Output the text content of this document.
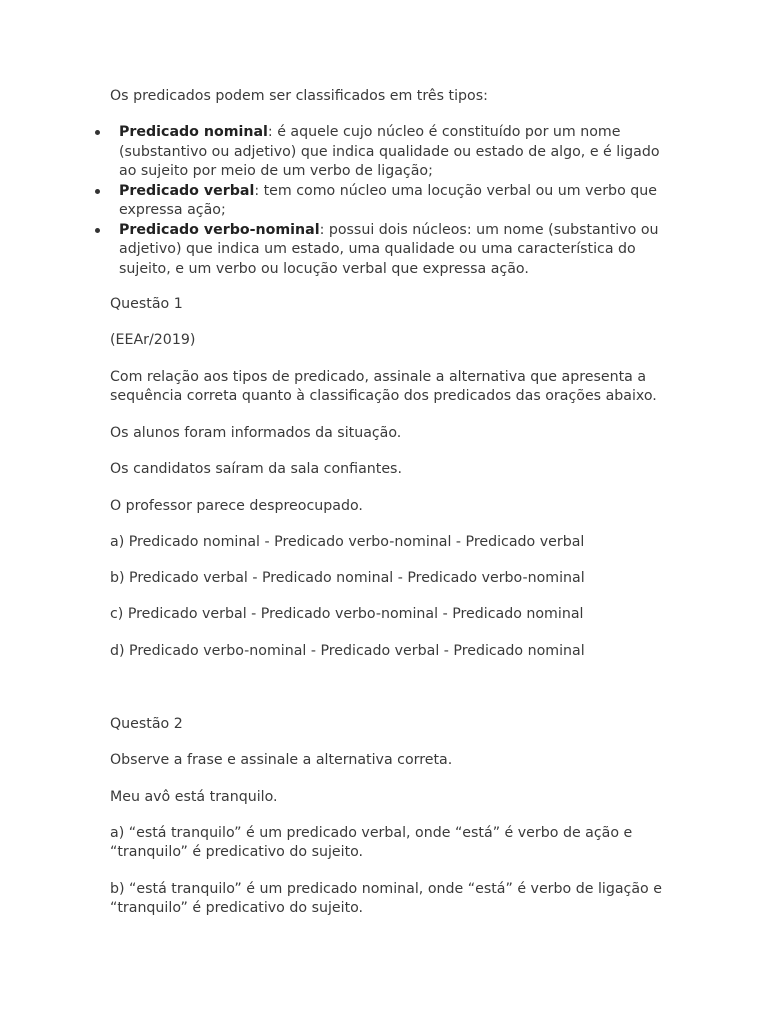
Os predicados podem ser classificados em três tipos:

Predicado nominal: é aquele cujo núcleo é constituído por um nome (substantivo ou adjetivo) que indica qualidade ou estado de algo, e é ligado ao sujeito por meio de um verbo de ligação;
Predicado verbal: tem como núcleo uma locução verbal ou um verbo que expressa ação;
Predicado verbo-nominal: possui dois núcleos: um nome (substantivo ou adjetivo) que indica um estado, uma qualidade ou uma característica do sujeito, e um verbo ou locução verbal que expressa ação.

Questão 1

(EEAr/2019)

Com relação aos tipos de predicado, assinale a alternativa que apresenta a

sequência correta quanto à classificação dos predicados das orações abaixo.

Os alunos foram informados da situação.

Os candidatos saíram da sala confiantes.

O professor parece despreocupado.

a) Predicado nominal - Predicado verbo-nominal - Predicado verbal

b) Predicado verbal - Predicado nominal - Predicado verbo-nominal

c) Predicado verbal - Predicado verbo-nominal - Predicado nominal

d) Predicado verbo-nominal - Predicado verbal - Predicado nominal

Questão 2

Observe a frase e assinale a alternativa correta.

Meu avô está tranquilo.

a) “está tranquilo” é um predicado verbal, onde “está” é verbo de ação e

“tranquilo” é predicativo do sujeito.

b) “está tranquilo” é um predicado nominal, onde “está” é verbo de ligação e

“tranquilo” é predicativo do sujeito.
